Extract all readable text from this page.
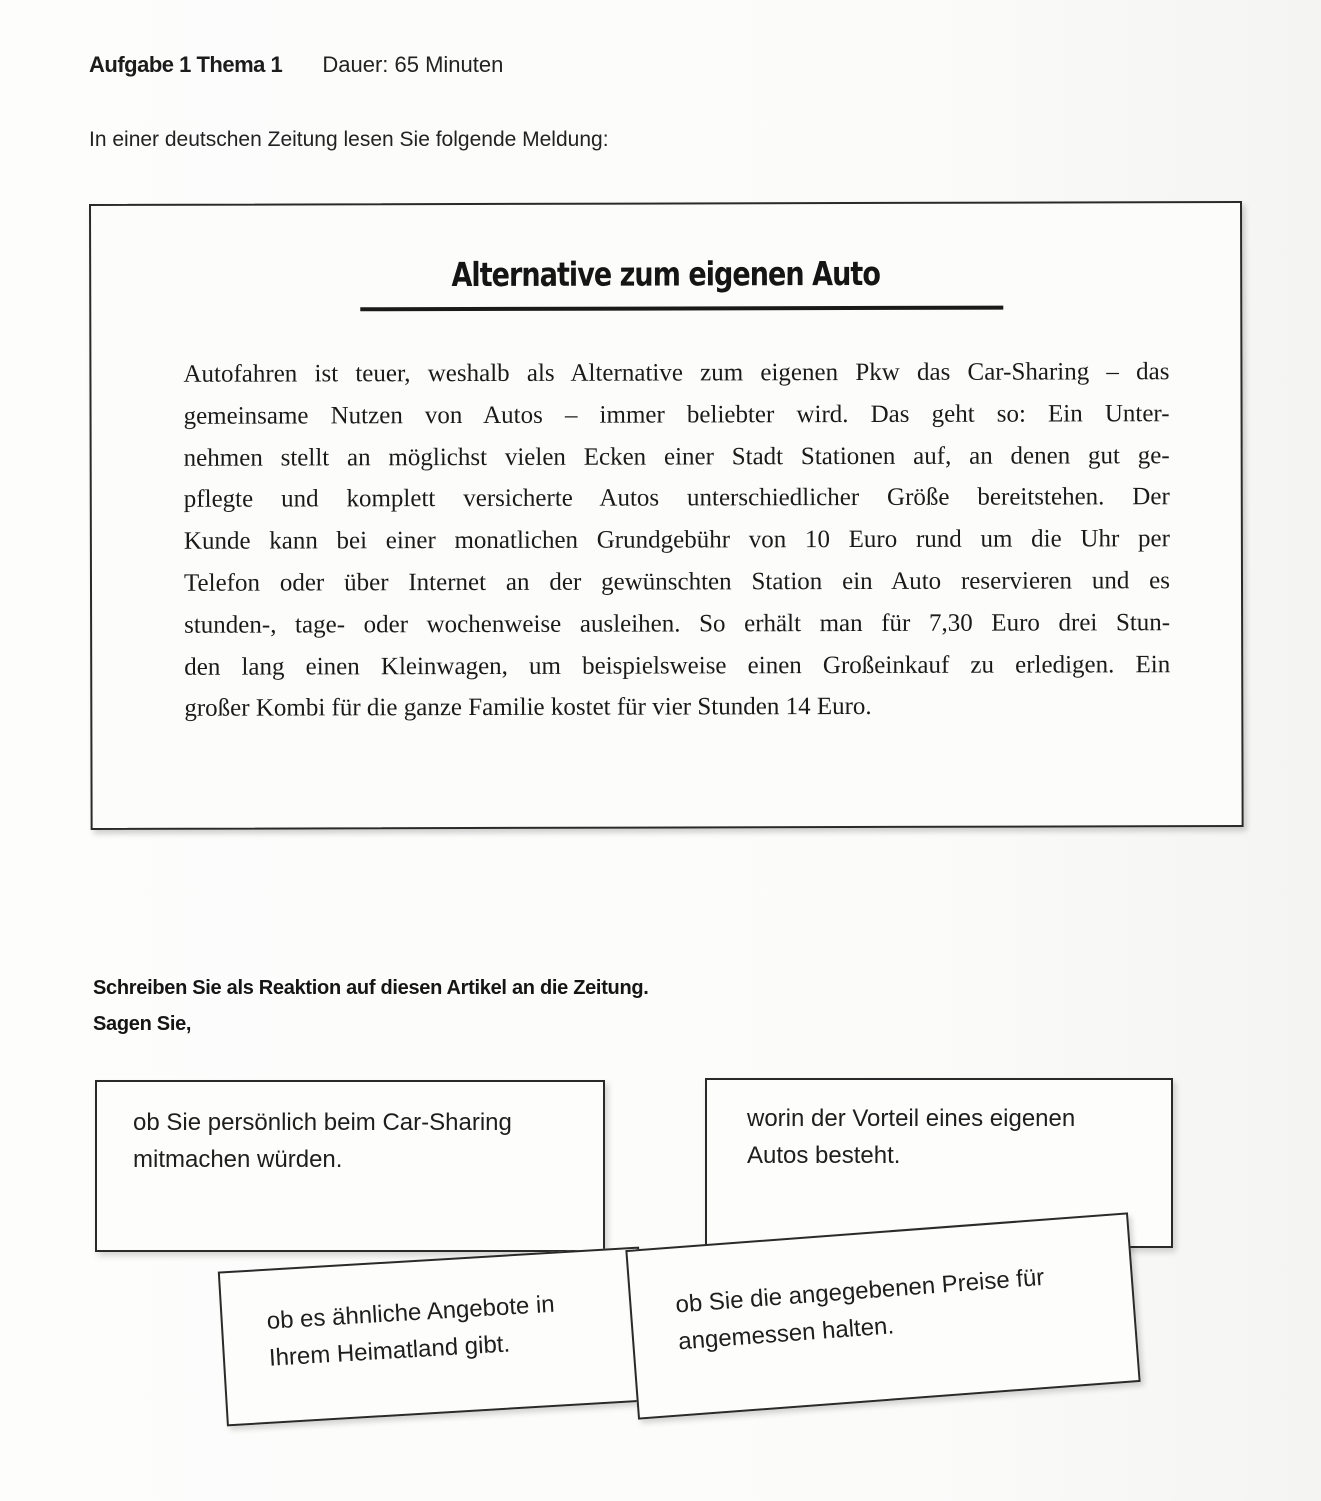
Aufgabe 1 Thema 1 Dauer: 65 Minuten
In einer deutschen Zeitung lesen Sie folgende Meldung:
Alternative zum eigenen Auto
Autofahren ist teuer, weshalb als Alternative zum eigenen Pkw das Car-Sharing – das
gemeinsame Nutzen von Autos – immer beliebter wird. Das geht so: Ein Unter-
nehmen stellt an möglichst vielen Ecken einer Stadt Stationen auf, an denen gut ge-
pflegte und komplett versicherte Autos unterschiedlicher Größe bereitstehen. Der
Kunde kann bei einer monatlichen Grundgebühr von 10 Euro rund um die Uhr per
Telefon oder über Internet an der gewünschten Station ein Auto reservieren und es
stunden-, tage- oder wochenweise ausleihen. So erhält man für 7,30 Euro drei Stun-
den lang einen Kleinwagen, um beispielsweise einen Großeinkauf zu erledigen. Ein
großer Kombi für die ganze Familie kostet für vier Stunden 14 Euro.
Schreiben Sie als Reaktion auf diesen Artikel an die Zeitung.
Sagen Sie,
ob Sie persönlich beim Car-Sharing
mitmachen würden.
worin der Vorteil eines eigenen
Autos besteht.
ob es ähnliche Angebote in
Ihrem Heimatland gibt.
ob Sie die angegebenen Preise für
angemessen halten.
